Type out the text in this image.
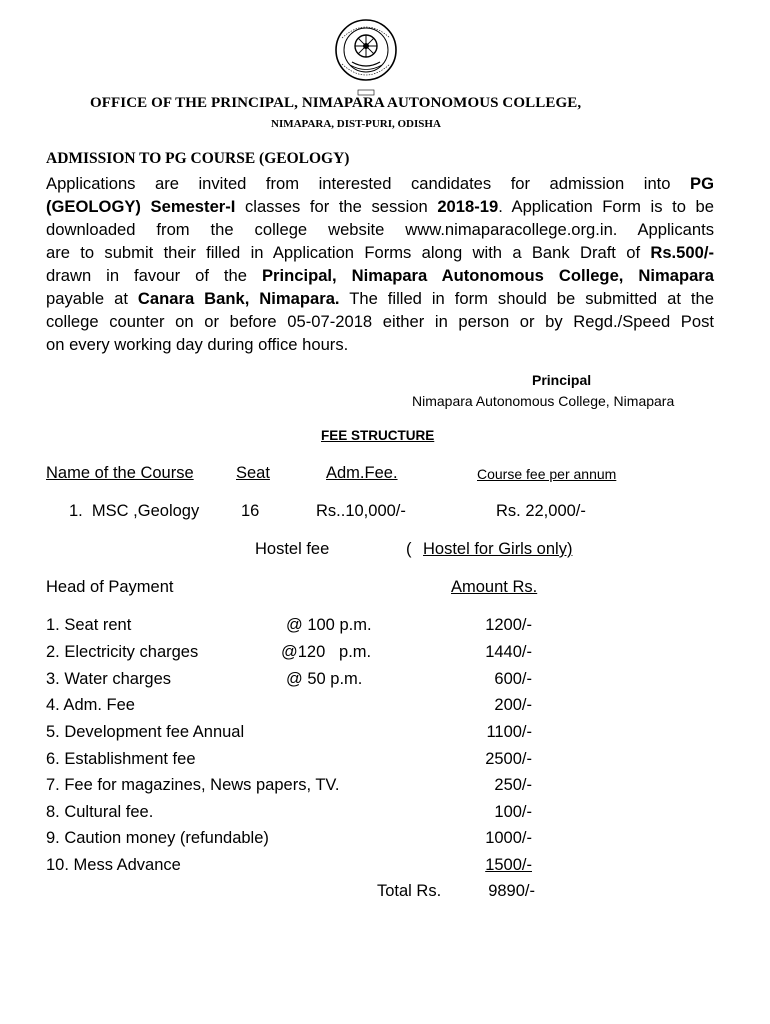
OFFICE OF THE PRINCIPAL, NIMAPARA AUTONOMOUS COLLEGE,
NIMAPARA, DIST-PURI, ODISHA
ADMISSION TO PG COURSE (GEOLOGY)
Applications are invited from interested candidates for admission into PG
(GEOLOGY) Semester-I classes for the session 2018-19. Application Form is to be
downloaded from the college website www.nimaparacollege.org.in. Applicants
are to submit their filled in Application Forms along with a Bank Draft of Rs.500/-
drawn in favour of the Principal, Nimapara Autonomous College, Nimapara
payable at Canara Bank, Nimapara. The filled in form should be submitted at the
college counter on or before 05-07-2018 either in person or by Regd./Speed Post
on every working day during office hours.
Principal
Nimapara Autonomous College, Nimapara
FEE STRUCTURE
Name of the Course	Seat	Adm.Fee.	Course fee per annum
1.  MSC ,Geology	16	Rs..10,000/-	Rs. 22,000/-
Hostel fee	( Hostel for Girls only)
Head of Payment	Amount Rs.
1. Seat rent	@ 100 p.m.	1200/-
2. Electricity charges	@120   p.m.	1440/-
3. Water charges	@ 50 p.m.	600/-
4. Adm. Fee	200/-
5. Development fee Annual	1100/-
6. Establishment fee	2500/-
7. Fee for magazines, News papers, TV.	250/-
8. Cultural fee.	100/-
9. Caution money (refundable)	1000/-
10. Mess Advance	1500/-
Total Rs.	9890/-
